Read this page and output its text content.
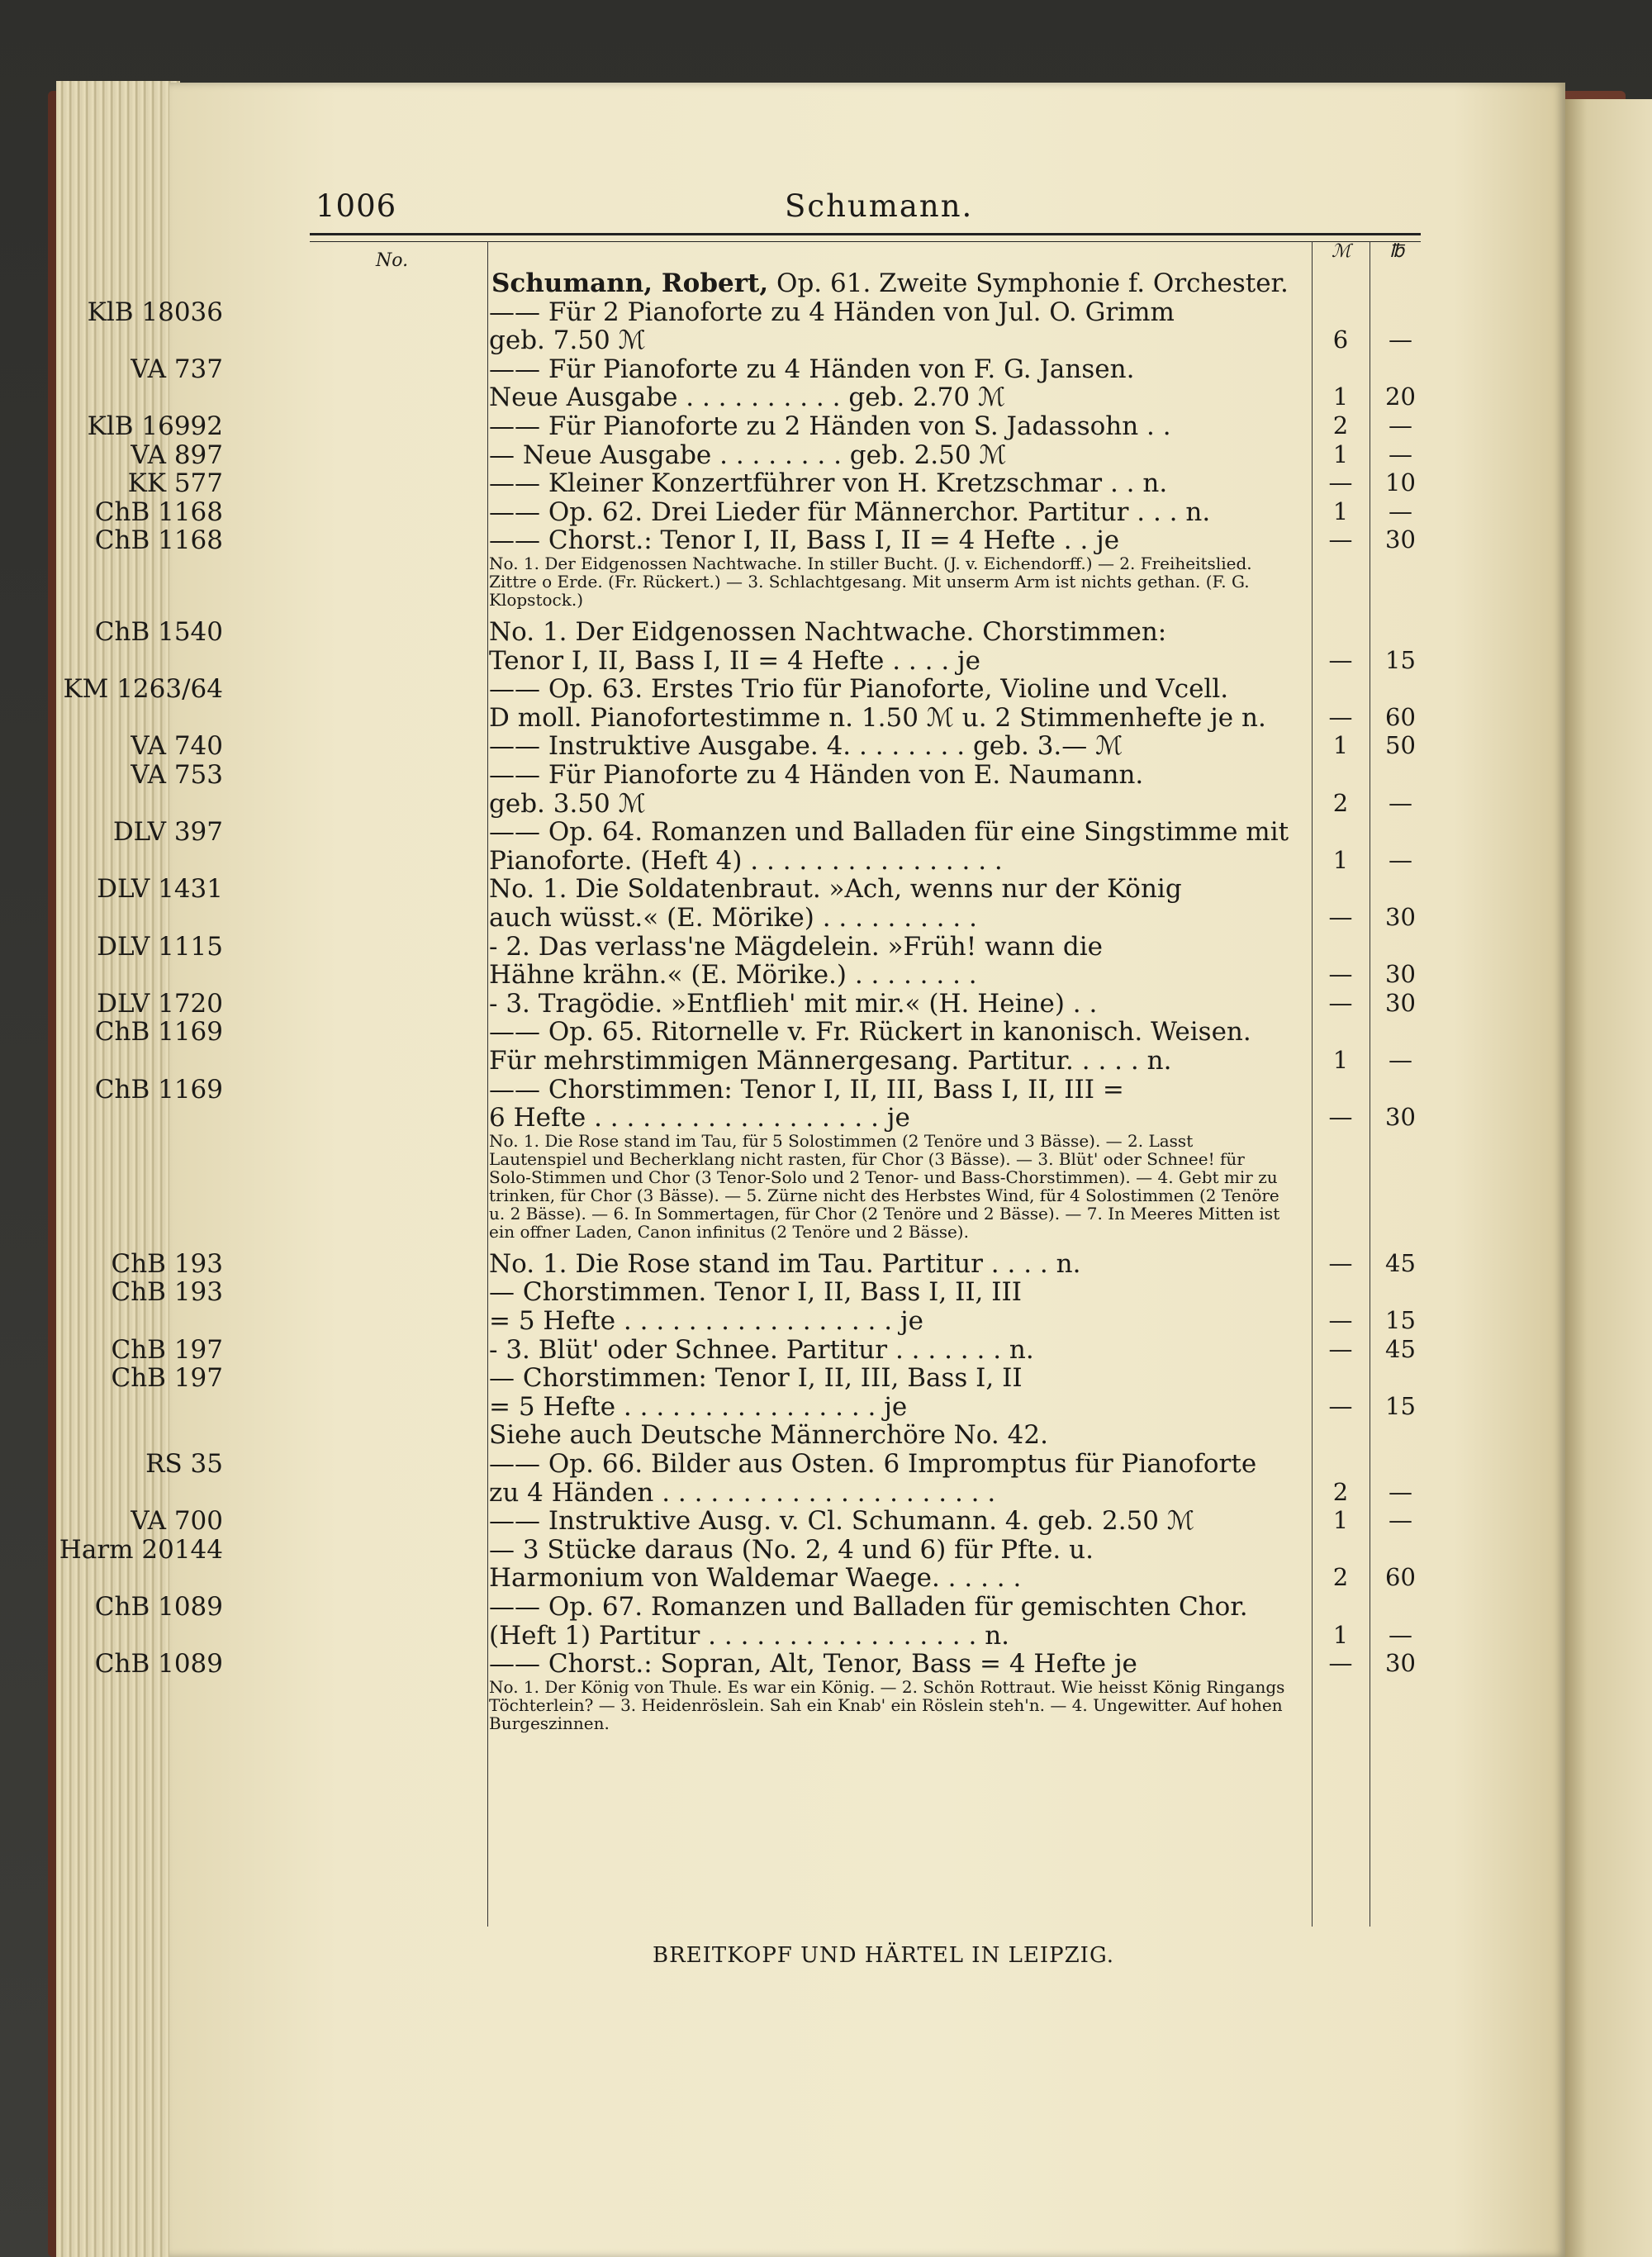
1006	Schumann.
No.	ℳ ℔
Schumann, Robert, Op. 61. Zweite Symphonie f. Orchester.
KlB 18036	—— Für 2 Pianoforte zu 4 Händen von Jul. O. Grimm
geb. 7.50 ℳ	6	—
VA 737	—— Für Pianoforte zu 4 Händen von F. G. Jansen.
Neue Ausgabe . . . . . . . . . . geb. 2.70 ℳ	1	20
KlB 16992	—— Für Pianoforte zu 2 Händen von S. Jadassohn . .	2	—
VA 897	— Neue Ausgabe . . . . . . . . geb. 2.50 ℳ	1	—
KK 577	—— Kleiner Konzertführer von H. Kretzschmar . . n.	—	10
ChB 1168	—— Op. 62. Drei Lieder für Männerchor. Partitur . . . n.	1	—
ChB 1168	—— Chorst.: Tenor I, II, Bass I, II = 4 Hefte . . je	—	30
No. 1. Der Eidgenossen Nachtwache. In stiller Bucht. (J. v. Eichendorff.) — 2. Freiheitslied. Zittre o Erde. (Fr. Rückert.) — 3. Schlachtgesang. Mit unserm Arm ist nichts gethan. (F. G. Klopstock.)
ChB 1540	No. 1. Der Eidgenossen Nachtwache. Chorstimmen:
Tenor I, II, Bass I, II = 4 Hefte . . . . je	—	15
KM 1263/64	—— Op. 63. Erstes Trio für Pianoforte, Violine und Vcell.
D moll. Pianofortestimme n. 1.50 ℳ u. 2 Stimmenhefte je n.	—	60
VA 740	—— Instruktive Ausgabe. 4. . . . . . . . geb. 3.— ℳ	1	50
VA 753	—— Für Pianoforte zu 4 Händen von E. Naumann.
geb. 3.50 ℳ	2	—
DLV 397	—— Op. 64. Romanzen und Balladen für eine Singstimme mit
Pianoforte. (Heft 4) . . . . . . . . . . . . . . . .	1	—
DLV 1431	No. 1. Die Soldatenbraut. »Ach, wenns nur der König
auch wüsst.« (E. Mörike) . . . . . . . . . .	—	30
DLV 1115	- 2. Das verlass'ne Mägdelein. »Früh! wann die
Hähne krähn.« (E. Mörike.) . . . . . . . .	—	30
DLV 1720	- 3. Tragödie. »Entflieh' mit mir.« (H. Heine) . .	—	30
ChB 1169	—— Op. 65. Ritornelle v. Fr. Rückert in kanonisch. Weisen.
Für mehrstimmigen Männergesang. Partitur. . . . . n.	1	—
ChB 1169	—— Chorstimmen: Tenor I, II, III, Bass I, II, III =
6 Hefte . . . . . . . . . . . . . . . . . . je	—	30
No. 1. Die Rose stand im Tau, für 5 Solostimmen (2 Tenöre und 3 Bässe). — 2. Lasst Lautenspiel und Becherklang nicht rasten, für Chor (3 Bässe). — 3. Blüt' oder Schnee! für Solo-Stimmen und Chor (3 Tenor-Solo und 2 Tenor- und Bass-Chorstimmen). — 4. Gebt mir zu trinken, für Chor (3 Bässe). — 5. Zürne nicht des Herbstes Wind, für 4 Solostimmen (2 Tenöre u. 2 Bässe). — 6. In Sommertagen, für Chor (2 Tenöre und 2 Bässe). — 7. In Meeres Mitten ist ein offner Laden, Canon infinitus (2 Tenöre und 2 Bässe).
ChB 193	No. 1. Die Rose stand im Tau. Partitur . . . . n.	—	45
ChB 193	— Chorstimmen. Tenor I, II, Bass I, II, III
= 5 Hefte . . . . . . . . . . . . . . . . . je	—	15
ChB 197	- 3. Blüt' oder Schnee. Partitur . . . . . . . n.	—	45
ChB 197	— Chorstimmen: Tenor I, II, III, Bass I, II
= 5 Hefte . . . . . . . . . . . . . . . . je	—	15
Siehe auch Deutsche Männerchöre No. 42.
RS 35	—— Op. 66. Bilder aus Osten. 6 Impromptus für Pianoforte
zu 4 Händen . . . . . . . . . . . . . . . . . . . . .	2	—
VA 700	—— Instruktive Ausg. v. Cl. Schumann. 4. geb. 2.50 ℳ	1	—
Harm 20144	— 3 Stücke daraus (No. 2, 4 und 6) für Pfte. u.
Harmonium von Waldemar Waege. . . . . .	2	60
ChB 1089	—— Op. 67. Romanzen und Balladen für gemischten Chor.
(Heft 1) Partitur . . . . . . . . . . . . . . . . . n.	1	—
ChB 1089	—— Chorst.: Sopran, Alt, Tenor, Bass = 4 Hefte je	—	30
No. 1. Der König von Thule. Es war ein König. — 2. Schön Rottraut. Wie heisst König Ringangs Töchterlein? — 3. Heidenröslein. Sah ein Knab' ein Röslein steh'n. — 4. Ungewitter. Auf hohen Burgeszinnen.
BREITKOPF UND HÄRTEL IN LEIPZIG.
